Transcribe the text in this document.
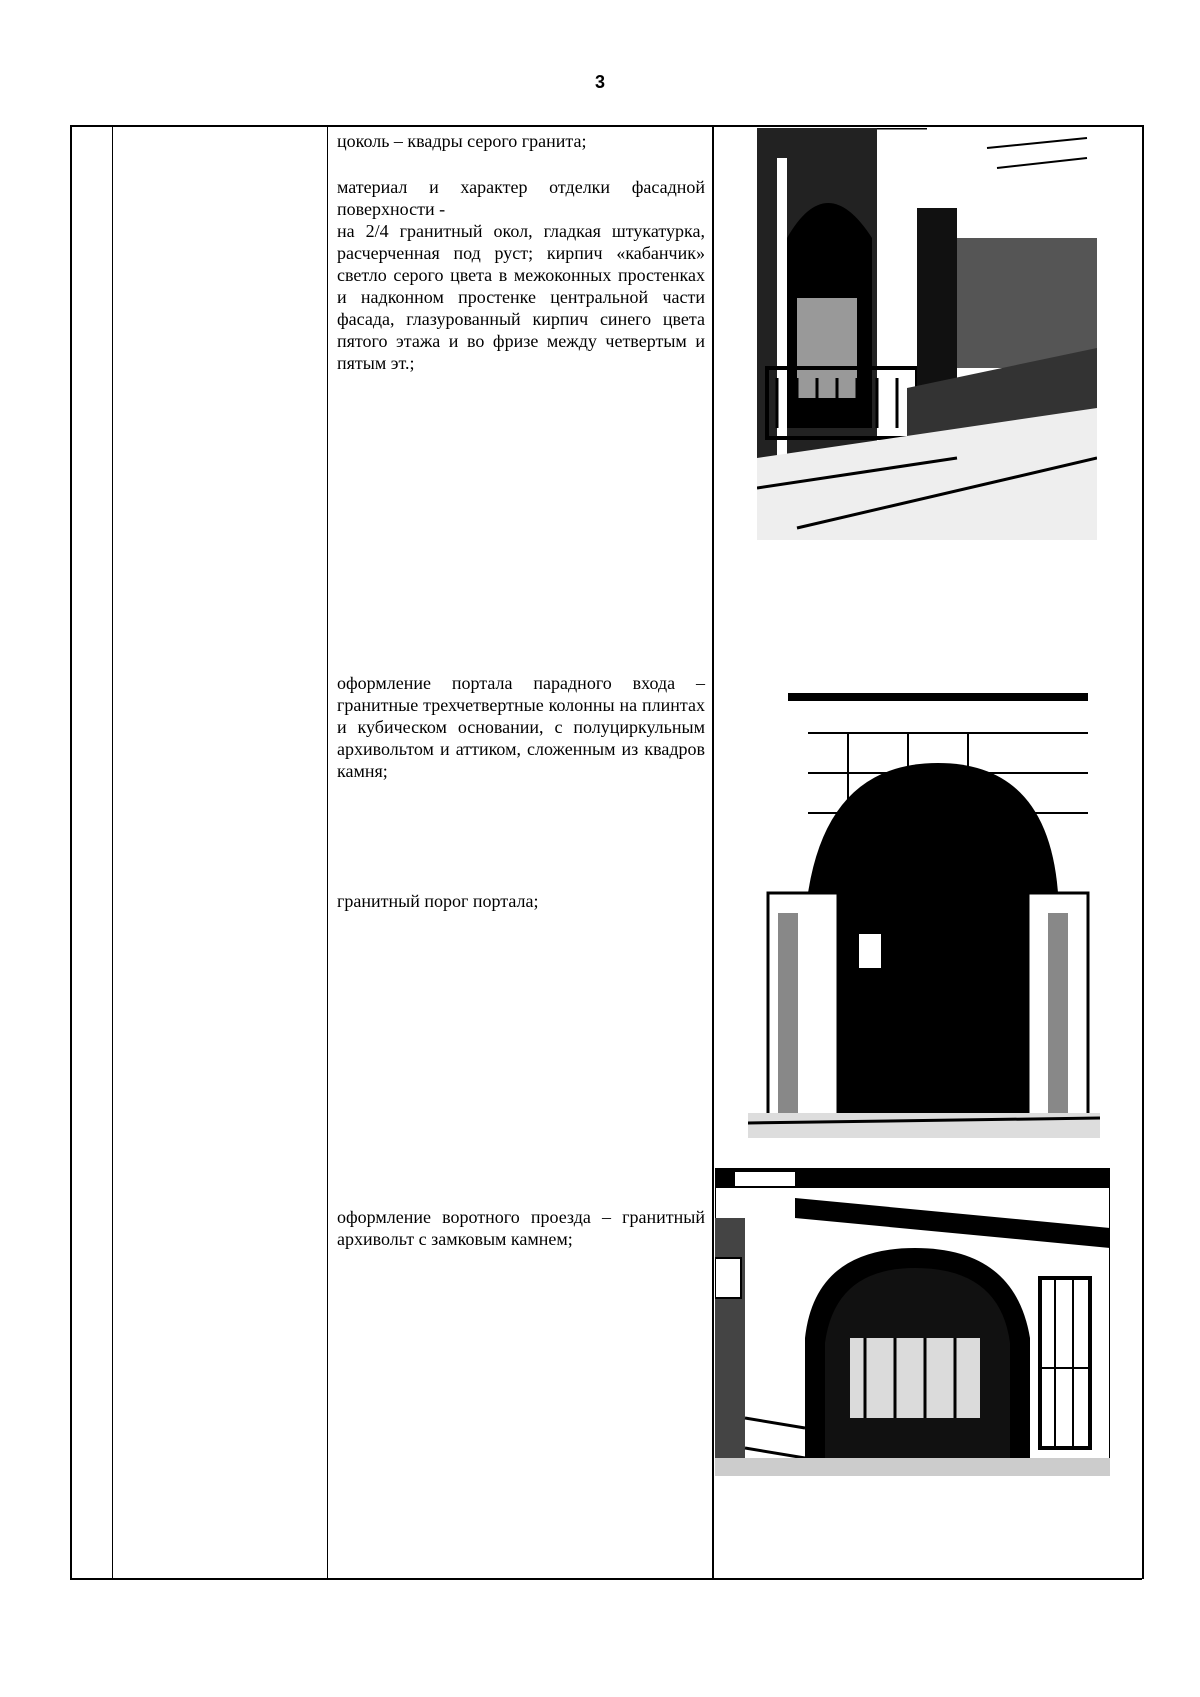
3

цоколь – квадры серого гранита;

материал и характер отделки фасадной поверхности -

на 2/4 гранитный окол, гладкая штукатурка, расчерченная под руст; кирпич «кабанчик» светло серого цвета в межоконных простенках и надконном простенке центральной части фасада, глазурованный кирпич синего цвета пятого этажа и во фризе между четвертым и пятым эт.;

оформление портала парадного входа – гранитные трехчетвертные колонны на плинтах и кубическом основании, с полуциркульным архивольтом и аттиком, сложенным из квадров камня;

гранитный порог портала;

оформление воротного проезда – гранитный архивольт с замковым камнем;
